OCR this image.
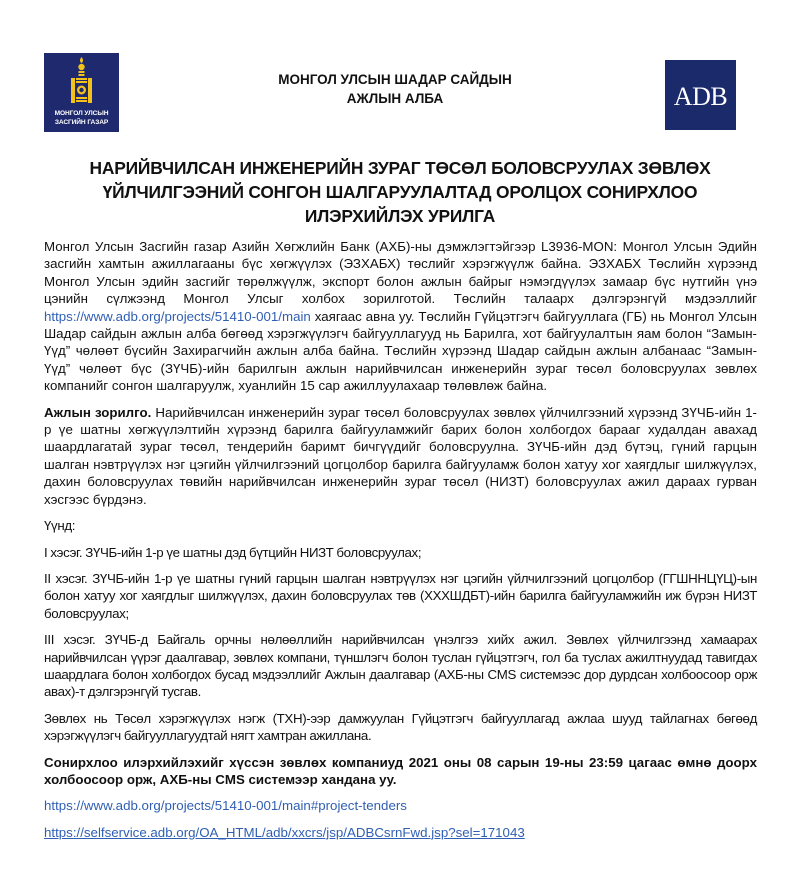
МОНГОЛ УЛСЫН
ЗАСГИЙН ГАЗАР
МОНГОЛ УЛСЫН ШАДАР САЙДЫН
АЖЛЫН АЛБА	ADB
НАРИЙВЧИЛСАН ИНЖЕНЕРИЙН ЗУРАГ ТӨСӨЛ БОЛОВСРУУЛАХ ЗӨВЛӨХ
ҮЙЛЧИЛГЭЭНИЙ СОНГОН ШАЛГАРУУЛАЛТАД ОРОЛЦОХ СОНИРХЛОО
ИЛЭРХИЙЛЭХ УРИЛГА

Монгол Улсын Засгийн газар Азийн Хөгжлийн Банк (АХБ)-ны дэмжлэгтэйгээр L3936-MON: Монгол Улсын Эдийн засгийн хамтын ажиллагааны бүс хөгжүүлэх (ЭЗХАБХ) төслийг хэрэгжүүлж байна. ЭЗХАБХ Төслийн хүрээнд Монгол Улсын эдийн засгийг төрөлжүүлж, экспорт болон ажлын байрыг нэмэгдүүлэх замаар бүс нутгийн үнэ цэнийн сүлжээнд Монгол Улсыг холбох зорилготой. Төслийн талаарх дэлгэрэнгүй мэдээллийг https://www.adb.org/projects/51410-001/main хаягаас авна уу. Төслийн Гүйцэтгэгч байгууллага (ГБ) нь Монгол Улсын Шадар сайдын ажлын алба бөгөөд хэрэгжүүлэгч байгууллагууд нь Барилга, хот байгуулалтын яам болон “Замын-Үүд” чөлөөт бүсийн Захирагчийн ажлын алба байна. Төслийн хүрээнд Шадар сайдын ажлын албанаас “Замын-Үүд” чөлөөт бүс (ЗҮЧБ)-ийн барилгын ажлын нарийвчилсан инженерийн зураг төсөл боловсруулах зөвлөх компанийг сонгон шалгаруулж, хуанлийн 15 сар ажиллуулахаар төлөвлөж байна.

Ажлын зорилго. Нарийвчилсан инженерийн зураг төсөл боловсруулах зөвлөх үйлчилгээний хүрээнд ЗҮЧБ-ийн 1-р үе шатны хөгжүүлэлтийн хүрээнд барилга байгууламжийг барих болон холбогдох барааг худалдан авахад шаардлагатай зураг төсөл, тендерийн баримт бичгүүдийг боловсруулна. ЗҮЧБ-ийн дэд бүтэц, гүний гарцын шалган нэвтрүүлэх нэг цэгийн үйлчилгээний цогцолбор барилга байгууламж болон хатуу хог хаягдлыг шилжүүлэх, дахин боловсруулах төвийн нарийвчилсан инженерийн зураг төсөл (НИЗТ) боловсруулах ажил дараах гурван хэсгээс бүрдэнэ.

Үүнд:

I хэсэг. ЗҮЧБ-ийн 1-р үе шатны дэд бүтцийн НИЗТ боловсруулах;

II хэсэг. ЗҮЧБ-ийн 1-р үе шатны гүний гарцын шалган нэвтрүүлэх нэг цэгийн үйлчилгээний цогцолбор (ГГШННЦҮЦ)-ын болон хатуу хог хаягдлыг шилжүүлэх, дахин боловсруулах төв (ХХХШДБТ)-ийн барилга байгууламжийн иж бүрэн НИЗТ боловсруулах;

III хэсэг. ЗҮЧБ-д Байгаль орчны нөлөөллийн нарийвчилсан үнэлгээ хийх ажил. Зөвлөх үйлчилгээнд хамаарах нарийвчилсан үүрэг даалгавар, зөвлөх компани, түншлэгч болон туслан гүйцэтгэгч, гол ба туслах ажилтнуудад тавигдах шаардлага болон холбогдох бусад мэдээллийг Ажлын даалгавар (АХБ-ны CMS системээс дор дурдсан холбоосоор орж авах)-т дэлгэрэнгүй тусгав.

Зөвлөх нь Төсөл хэрэгжүүлэх нэгж (ТХН)-ээр дамжуулан Гүйцэтгэгч байгууллагад ажлаа шууд тайлагнах бөгөөд хэрэгжүүлэгч байгууллагуудтай нягт хамтран ажиллана.

Сонирхлоо илэрхийлэхийг хүссэн зөвлөх компаниуд 2021 оны 08 сарын 19-ны 23:59 цагаас өмнө доорх холбоосоор орж, АХБ-ны CMS системээр хандана уу.

https://www.adb.org/projects/51410-001/main#project-tenders

https://selfservice.adb.org/OA_HTML/adb/xxcrs/jsp/ADBCsrnFwd.jsp?sel=171043
